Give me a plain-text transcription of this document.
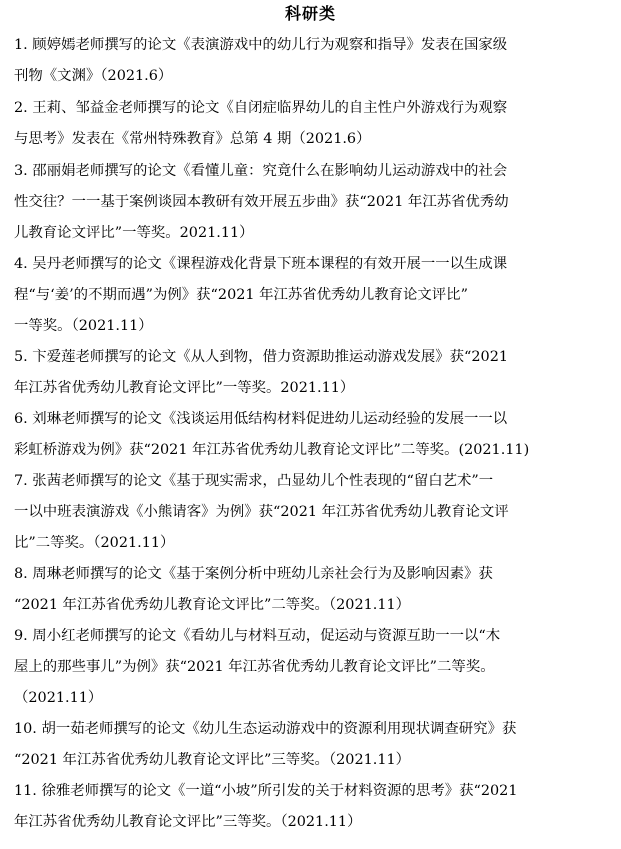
科研类
1. 顾婷嫣老师撰写的论文《表演游戏中的幼儿行为观察和指导》发表在国家级
刊物《文渊》（2021.6）
2. 王莉、邹益金老师撰写的论文《自闭症临界幼儿的自主性户外游戏行为观察
与思考》发表在《常州特殊教育》总第 4 期（2021.6）
3. 邵丽娟老师撰写的论文《看懂儿童：究竟什么在影响幼儿运动游戏中的社会
性交往？一一基于案例谈园本教研有效开展五步曲》获“2021 年江苏省优秀幼
儿教育论文评比”一等奖。2021.11）
4. 吴丹老师撰写的论文《课程游戏化背景下班本课程的有效开展一一以生成课
程“与‘姜’的不期而遇”为例》获“2021 年江苏省优秀幼儿教育论文评比”
一等奖。（2021.11）
5. 卞爱莲老师撰写的论文《从人到物，借力资源助推运动游戏发展》获“2021
年江苏省优秀幼儿教育论文评比”一等奖。2021.11）
6. 刘琳老师撰写的论文《浅谈运用低结构材料促进幼儿运动经验的发展一一以
彩虹桥游戏为例》获“2021 年江苏省优秀幼儿教育论文评比”二等奖。(2021.11)
7. 张茜老师撰写的论文《基于现实需求，凸显幼儿个性表现的“留白艺术”一
一以中班表演游戏《小熊请客》为例》获“2021 年江苏省优秀幼儿教育论文评
比”二等奖。（2021.11）
8. 周琳老师撰写的论文《基于案例分析中班幼儿亲社会行为及影响因素》获
“2021 年江苏省优秀幼儿教育论文评比”二等奖。（2021.11）
9. 周小红老师撰写的论文《看幼儿与材料互动，促运动与资源互助一一以“木
屋上的那些事儿”为例》获“2021 年江苏省优秀幼儿教育论文评比”二等奖。
（2021.11）
10. 胡一茹老师撰写的论文《幼儿生态运动游戏中的资源利用现状调查研究》获
“2021 年江苏省优秀幼儿教育论文评比”三等奖。（2021.11）
11. 徐雅老师撰写的论文《一道“小坡”所引发的关于材料资源的思考》获“2021
年江苏省优秀幼儿教育论文评比”三等奖。（2021.11）
